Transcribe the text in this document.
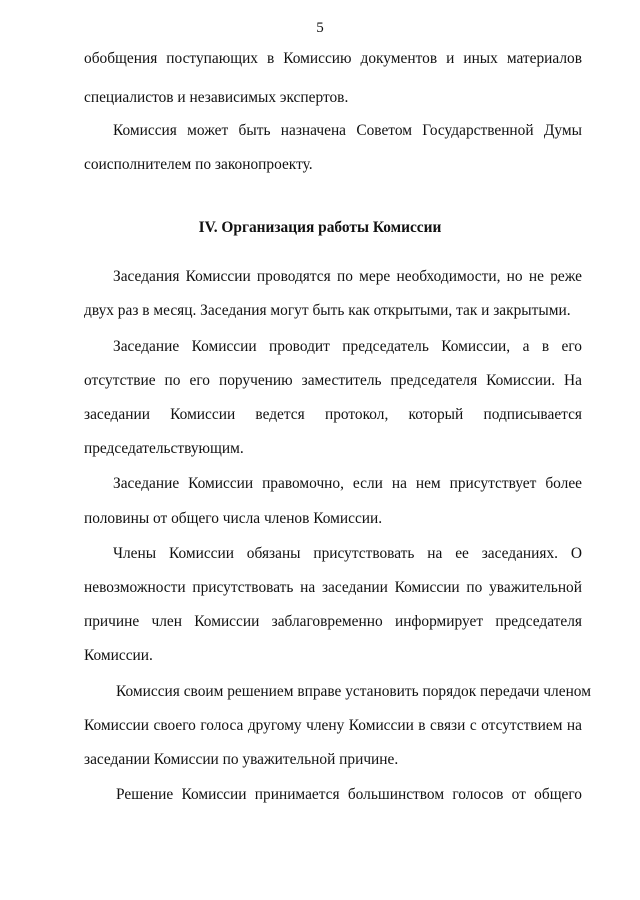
5
обобщения поступающих в Комиссию документов и иных материалов
специалистов и независимых экспертов.
Комиссия может быть назначена Советом Государственной Думы
соисполнителем по законопроекту.
IV. Организация работы Комиссии
Заседания Комиссии проводятся по мере необходимости, но не реже
двух раз в месяц. Заседания могут быть как открытыми, так и закрытыми.
Заседание Комиссии проводит председатель Комиссии, а в его
отсутствие по его поручению заместитель председателя Комиссии. На
заседании Комиссии ведется протокол, который подписывается
председательствующим.
Заседание Комиссии правомочно, если на нем присутствует более
половины от общего числа членов Комиссии.
Члены Комиссии обязаны присутствовать на ее заседаниях. О
невозможности присутствовать на заседании Комиссии по уважительной
причине член Комиссии заблаговременно информирует председателя
Комиссии.
Комиссия своим решением вправе установить порядок передачи членом
Комиссии своего голоса другому члену Комиссии в связи с отсутствием на
заседании Комиссии по уважительной причине.
Решение Комиссии принимается большинством голосов от общего
